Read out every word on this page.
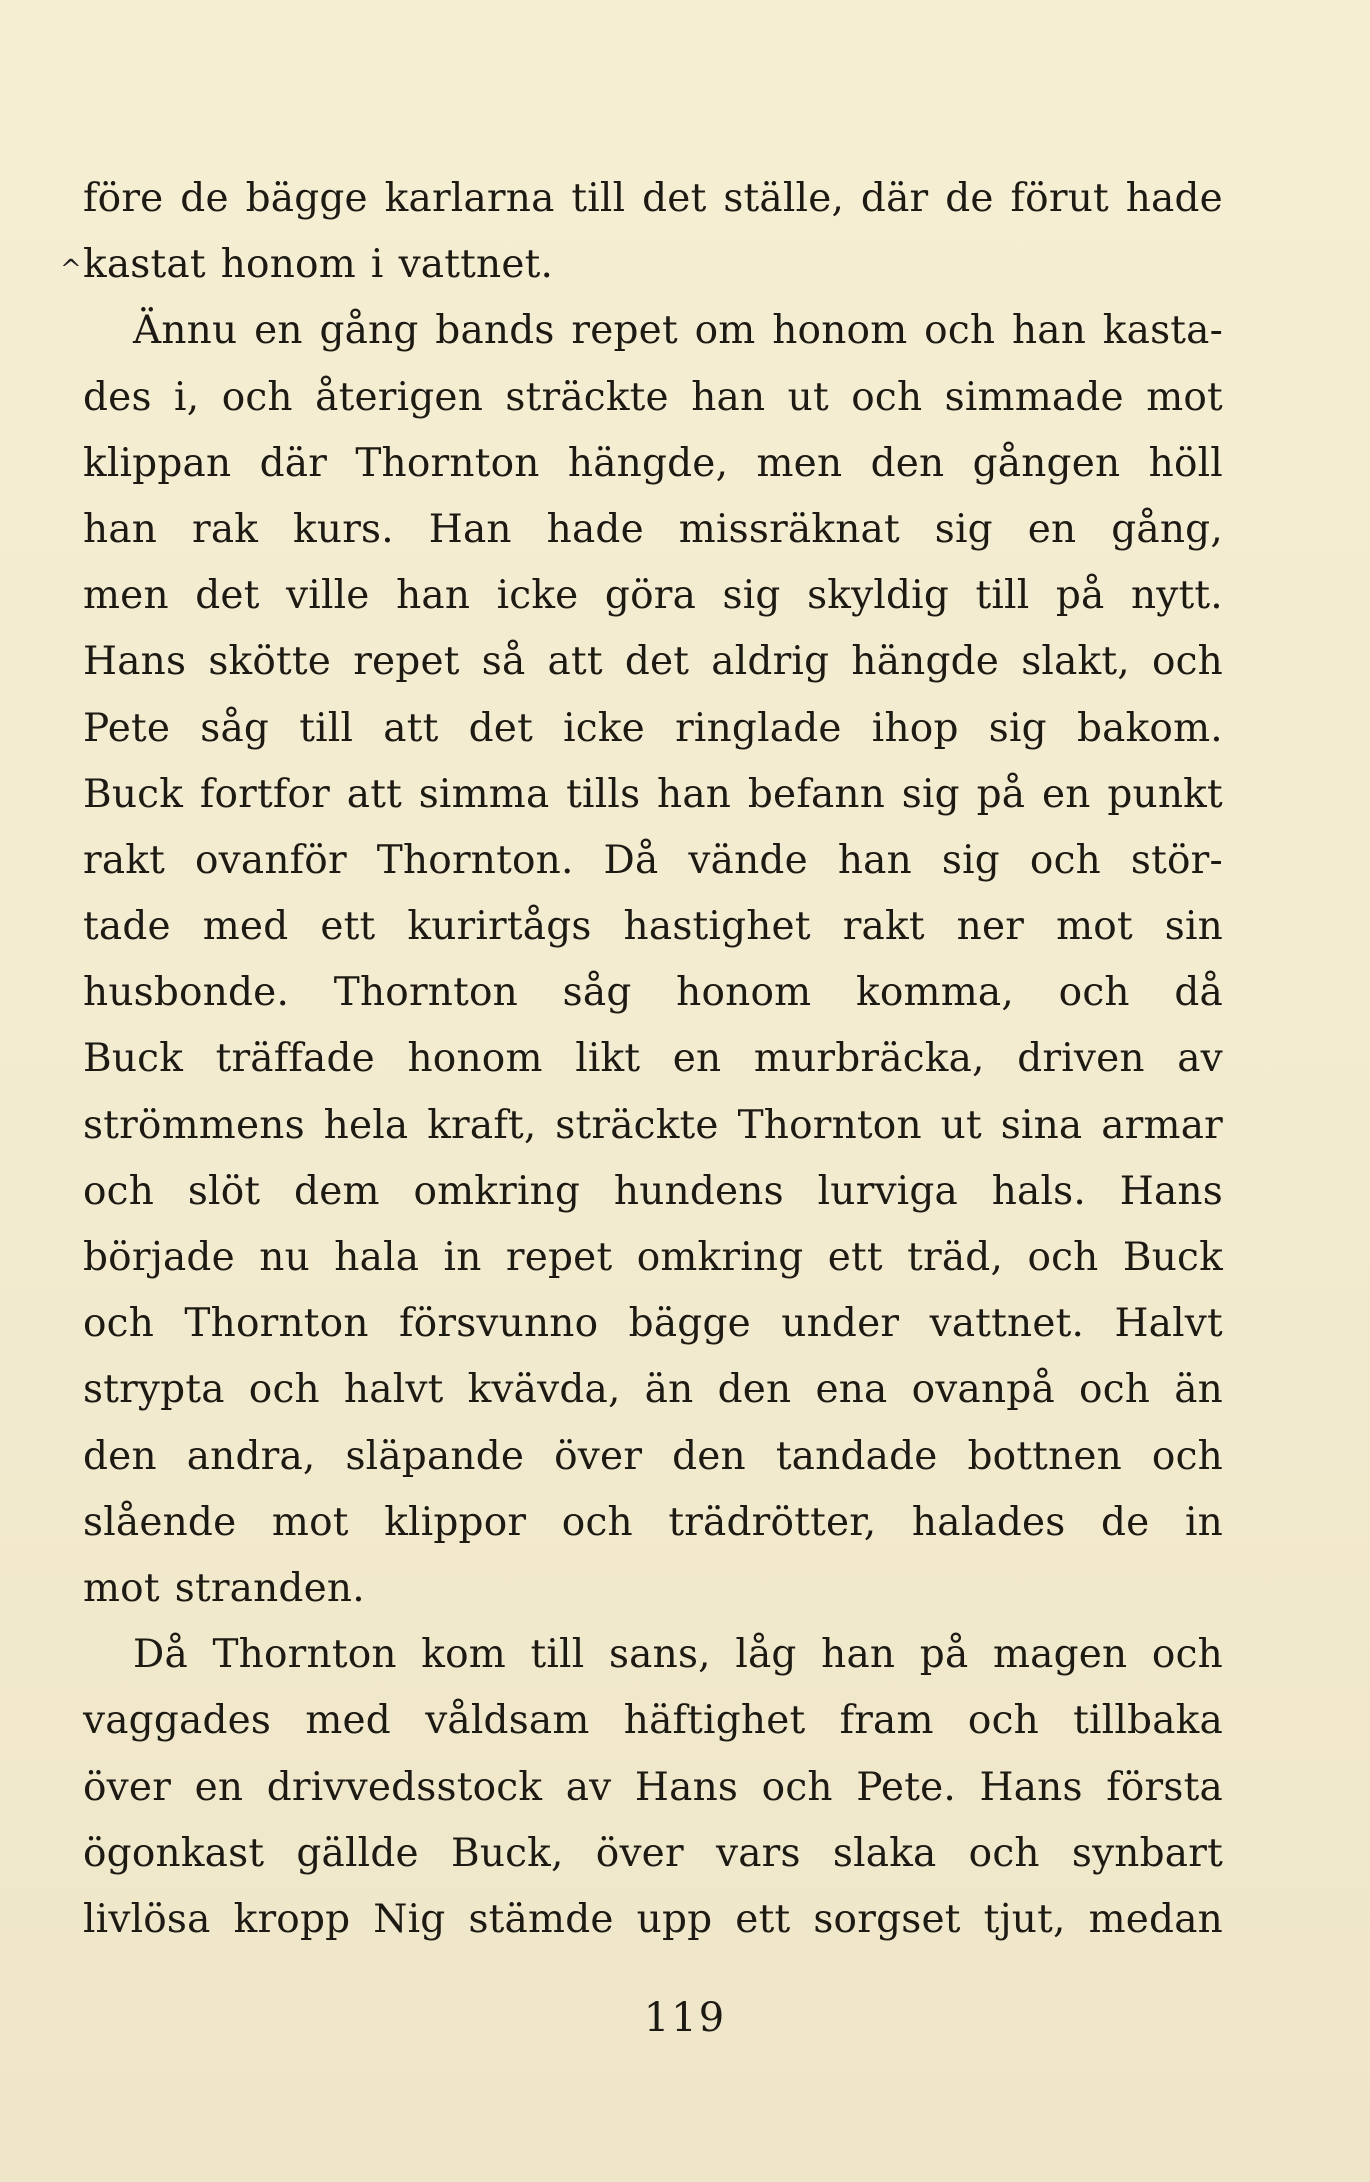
^
före de bägge karlarna till det ställe, där de förut hade
kastat honom i vattnet.
Ännu en gång bands repet om honom och han kasta-
des i, och återigen sträckte han ut och simmade mot
klippan där Thornton hängde, men den gången höll
han rak kurs. Han hade missräknat sig en gång,
men det ville han icke göra sig skyldig till på nytt.
Hans skötte repet så att det aldrig hängde slakt, och
Pete såg till att det icke ringlade ihop sig bakom.
Buck fortfor att simma tills han befann sig på en punkt
rakt ovanför Thornton. Då vände han sig och stör-
tade med ett kurirtågs hastighet rakt ner mot sin
husbonde. Thornton såg honom komma, och då
Buck träffade honom likt en murbräcka, driven av
strömmens hela kraft, sträckte Thornton ut sina armar
och slöt dem omkring hundens lurviga hals. Hans
började nu hala in repet omkring ett träd, och Buck
och Thornton försvunno bägge under vattnet. Halvt
strypta och halvt kvävda, än den ena ovanpå och än
den andra, släpande över den tandade bottnen och
slående mot klippor och trädrötter, halades de in
mot stranden.
Då Thornton kom till sans, låg han på magen och
vaggades med våldsam häftighet fram och tillbaka
över en drivvedsstock av Hans och Pete. Hans första
ögonkast gällde Buck, över vars slaka och synbart
livlösa kropp Nig stämde upp ett sorgset tjut, medan
119
